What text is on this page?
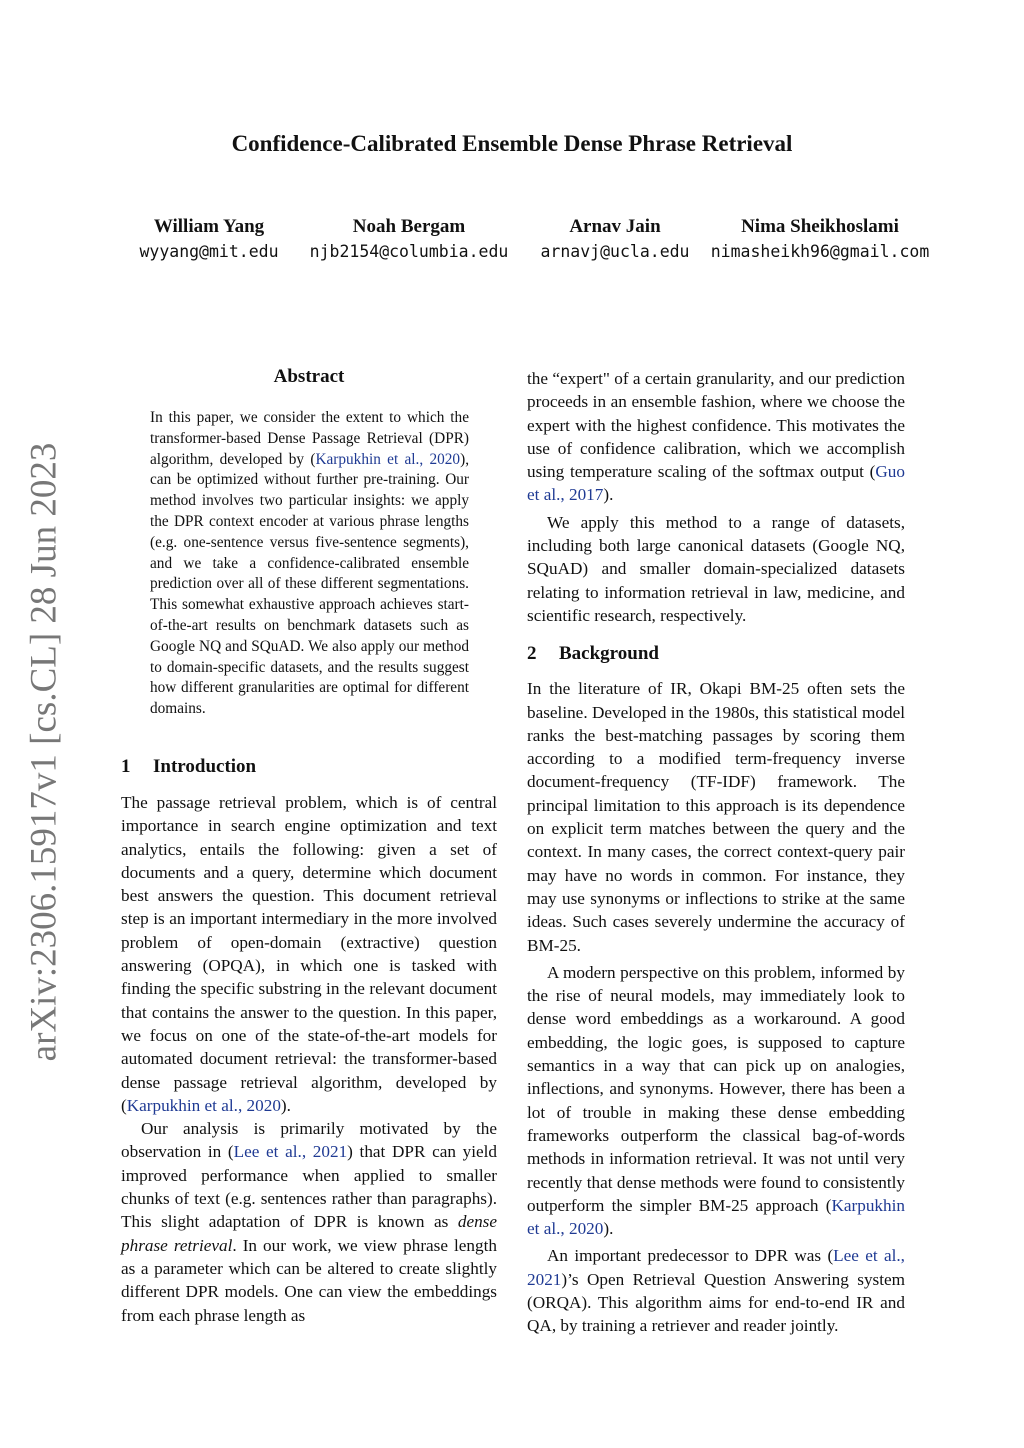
Confidence-Calibrated Ensemble Dense Phrase Retrieval
William Yang
wyyang@mit.edu
Noah Bergam
njb2154@columbia.edu
Arnav Jain
arnavj@ucla.edu
Nima Sheikhoslami
nimasheikh96@gmail.com
arXiv:2306.15917v1 [cs.CL] 28 Jun 2023
Abstract
In this paper, we consider the extent to which the transformer-based Dense Passage Retrieval (DPR) algorithm, developed by (Karpukhin et al., 2020), can be optimized without further pre-training. Our method involves two particular insights: we apply the DPR context encoder at various phrase lengths (e.g. one-sentence versus five-sentence segments), and we take a confidence-calibrated ensemble prediction over all of these different segmentations. This somewhat exhaustive approach achieves start-of-the-art results on benchmark datasets such as Google NQ and SQuAD. We also apply our method to domain-specific datasets, and the results suggest how different granularities are optimal for different domains.
1 Introduction

The passage retrieval problem, which is of central importance in search engine optimization and text analytics, entails the following: given a set of documents and a query, determine which document best answers the question. This document retrieval step is an important intermediary in the more involved problem of open-domain (extractive) question answering (OPQA), in which one is tasked with finding the specific substring in the relevant document that contains the answer to the question. In this paper, we focus on one of the state-of-the-art models for automated document retrieval: the transformer-based dense passage retrieval algorithm, developed by (Karpukhin et al., 2020).

Our analysis is primarily motivated by the observation in (Lee et al., 2021) that DPR can yield improved performance when applied to smaller chunks of text (e.g. sentences rather than paragraphs). This slight adaptation of DPR is known as dense phrase retrieval. In our work, we view phrase length as a parameter which can be altered to create slightly different DPR models. One can view the embeddings from each phrase length as

the “expert" of a certain granularity, and our prediction proceeds in an ensemble fashion, where we choose the expert with the highest confidence. This motivates the use of confidence calibration, which we accomplish using temperature scaling of the softmax output (Guo et al., 2017).

We apply this method to a range of datasets, including both large canonical datasets (Google NQ, SQuAD) and smaller domain-specialized datasets relating to information retrieval in law, medicine, and scientific research, respectively.

2 Background

In the literature of IR, Okapi BM-25 often sets the baseline. Developed in the 1980s, this statistical model ranks the best-matching passages by scoring them according to a modified term-frequency inverse document-frequency (TF-IDF) framework. The principal limitation to this approach is its dependence on explicit term matches between the query and the context. In many cases, the correct context-query pair may have no words in common. For instance, they may use synonyms or inflections to strike at the same ideas. Such cases severely undermine the accuracy of BM-25.

A modern perspective on this problem, informed by the rise of neural models, may immediately look to dense word embeddings as a workaround. A good embedding, the logic goes, is supposed to capture semantics in a way that can pick up on analogies, inflections, and synonyms. However, there has been a lot of trouble in making these dense embedding frameworks outperform the classical bag-of-words methods in information retrieval. It was not until very recently that dense methods were found to consistently outperform the simpler BM-25 approach (Karpukhin et al., 2020).

An important predecessor to DPR was (Lee et al., 2021)’s Open Retrieval Question Answering system (ORQA). This algorithm aims for end-to-end IR and QA, by training a retriever and reader jointly.
